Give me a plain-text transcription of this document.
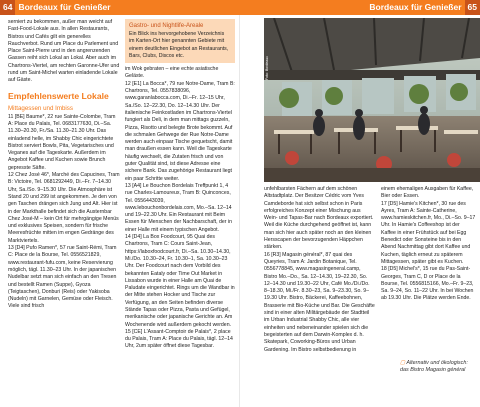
64 Bordeaux für Genießer	Bordeaux für Genießer 65

serniert zu bekommen, außer man weicht auf Fast-Food-Lokale aus. In allen Restaurants, Bistros und Cafés gilt ein generelles Rauchverbot. Rund um Place du Parlement und Place Saint-Pierre und in den angrenzenden Gassen reiht sich Lokal an Lokal. Aber auch im Chartrons-Viertel, am rechten Garonne-Ufer und rund um Saint-Michel warten einladende Lokale auf Gäste.

Empfehlenswerte Lokale
Mittagessen und Imbiss

11 [BE] Baume*, 22 rue Sainte-Colombe, Tram A: Place du Palais, Tel. 0683177630, Di.–Sa. 11.30–20.30, Fr./Sa. 11.30–21.30 Uhr. Das einladend helle, im Shabby Chic eingerichtete Bistrot serviert Bowls, Pita, Vegetarisches und Veganes auf die Tageskarte. Außerdem im Angebot Kaffee und Kuchen sowie Brunch gepresste Säfte.

12 Chez José 46*, Marché des Capucines, Tram B: Victoire, Tel. 0681292449, Di.–Fr. 7–14.30 Uhr, Sa./So. 9–15.30 Uhr. Die Atmosphäre ist Stand 20 und 299 ist angekommen. Je den von gen Taschen drängen sich Jung und Alt. Hier ist in der Markthalle befindet sich die Austernbar Chez José-M – kein Ort für mehrgängige Menüs und exklusives Speisen, sondern für frische Meeresfrüchte mitten im engen Gedränge des Marktviertels.

13 [D4] Pufo Ramen*, 57 rue Saint-Rémi, Tram C: Place de la Bourse, Tel. 0556521829, www.restaurant-fufu.com, keine Reservierung möglich, tägl. 11.30–23 Uhr. In der japanischen Nudelbar setzt man sich einfach an den Tresen und bestellt Ramen (Suppe), Gyoza (Teigtaschen), Donburi (Reis) oder Yakisoba (Nudeln) mit Garnelen, Gemüse oder Fleisch. Viele sind frisch

Gastro- und Nightlife-Areale

Ein Blick ins hervorgehobene Verzeichnis im Karten-Ort hier genannten Gebiete mit einem deutlichen Eingebot an Restaurants, Bars, Clubs, Discos etc.

im Wok gebraten – eine echte asiatische Geläste.

12 [E1] La Bocca*, 79 rue Notre-Dame, Tram B: Chartrons, Tel. 0557838096, www.garanlabocca.com, Di.–Fr. 12–15 Uhr, Sa./So. 12–22.30, Do. 12–14.30 Uhr. Der italienische Feinkostladen im Chartrons-Viertel fungiert als Deli, in dem man mittags guzzeln, Pizza, Risotto und belegte Brote bekommt. Auf die schmalen Gehwege der Rue Notre-Dame werden auch einpaar Tische gequetscht, damit man draußen essen kann. Weil die Tageskarte häufig wechselt, die Zutaten frisch und von guter Qualität sind, ist diese Adresse eine sichere Bank. Das zugehörige Restaurant liegt ein paar Schritte weiter.

13 [A4] Le Bouchon Bordelais Treffpunkt 1, 4 rue Charles-Lamoureux, Tram B: Quinconces, Tel. 0556443039, www.lebouchonbordelais.com, Mo.–Sa. 12–14 und 19–22.30 Uhr. Ein Restaurant mit Beim Essen für Menschen der Nachbarschaft, der in einer Halle mit einem typischen Angebot.

14 [D4] La Box Foodcourt, 95 Quai des Chartrons, Tram C: Cours Saint-Jean, https://laboxfoodcourt.fr, Di.–Sa. 10.30–14.30, Mi./Do. 10.30–24, Fr. 10.30–1, Sa. 10.30–23 Uhr. Der Foodcourt nach dem Vorbild des bekannten Eataly oder Time Out Market in Lissabon wurde in einer Halle am Quai de Paludate eingerichtet. Rings um die Wandbar in der Mitte stehen Hocker und Tische zur Verfügung, an den Seiten befinden diverse Stände Tapas oder Pizza, Pasta und Gefügel, merikanische oder japanische Gerichte an. Am Wochenende wird außerdem gekocht werden.

15 [CE] L'Assant-Comptoir de Palais*, 2 place du Palais, Tram A: Place du Palais, tägl. 12–14 Uhr, 2um später öffnet diese Tagesbar.

Foto: Bordeaux

unfehlbarsten Fächern auf dem schönen Altstadtplatz. Der Besitzer Cédric vom Yves Camdeborde hat sich selbst schon in Paris erfolgreiches Konzept einer Mischung aus Wein- und Tapas-Bar nach Bordeaux exportiert. Weil die Küche durchgehend geöffnet ist, kann man sich hier auch später noch an den kleinen Hersscapen der bevorzugenden Häppchen stärken.

16 [R3] Magasin général*, 87 quai des Queyries, Tram A: Jardin Botanique, Tel. 0556778845, www.magasingeneral.camp, Bistro Mo.–Do., Sa. 12–14.30, 19–22.30, So. 12–14.30 und 19.30–22 Uhr, Café Mo./Di./Do. 8–18.30, Mi./Fr. 8.30–23, Sa. 9–23.30, So. 9–19.30 Uhr. Bistro, Bäckerei, Kaffeebohnen, Brasserie mit Bio-Küche und Bar. Die Geschäfte sind in einer alten Militärgebäude der Stadtteil im Urban Industrial Shabby Chic, alle vier einheiten und nebeneinander spielen sich die begeisterten auf dem Darwin-Komplex d. h. Skatepark, Coworking-Büros und Urban Gardening. Im Bistro selbstbedienung in

einem ehemaligen Ausgaben für Kaffee, Bier oder Essen.

17 [D5] Hamie's Kitchen*, 30 rue des Ayres, Tram A: Sainte-Catherine, www.hamieskitchen.fr, Mo., Di.–So. 9–17 Uhr. In Hamie's Coffeeshop ist der Kaffee in einer Frühstück auf bei Egg Benedict oder Sonsteine bis in den Abend Nachmittag gibt dort Kaffee und Kuchen, täglich erneut zu späterem Mittagessen, später gibt es Kuchen.

18 [D5] Michel's*, 15 rue du Pas-Saint-Georges, Tram C, D or Place de la Bourse, Tel. 0556815166, Mo.–Fr. 9–23, Sa. 9–24, So. 11–22 Uhr. In bei Wochen ab 19.30 Uhr. Die Plätze werden Ende.

▢ Alternativ und ökologisch: das Bistro Magasin général
